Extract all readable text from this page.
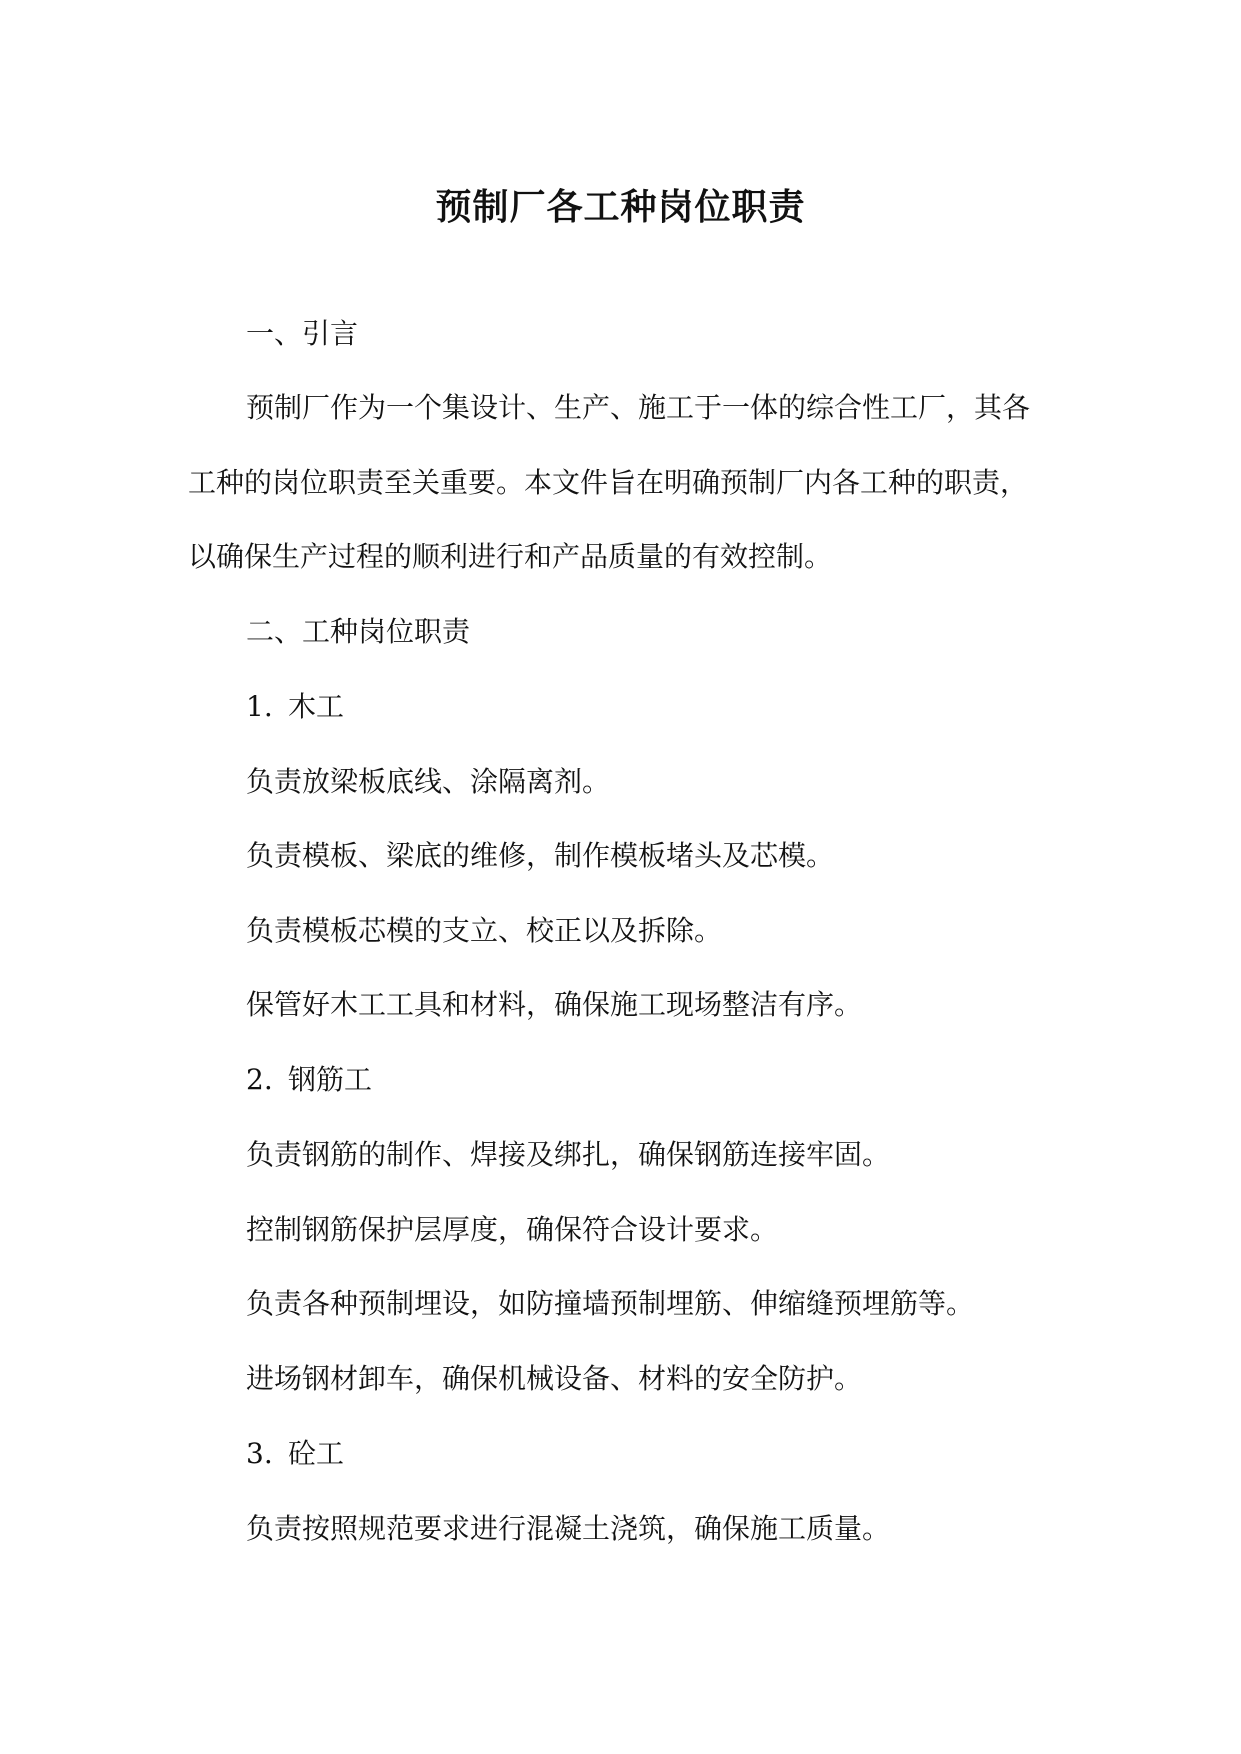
预制厂各工种岗位职责

一、引言

预制厂作为一个集设计、生产、施工于一体的综合性工厂，其各

工种的岗位职责至关重要。本文件旨在明确预制厂内各工种的职责，

以确保生产过程的顺利进行和产品质量的有效控制。

二、工种岗位职责

1. 木工

负责放梁板底线、涂隔离剂。

负责模板、梁底的维修，制作模板堵头及芯模。

负责模板芯模的支立、校正以及拆除。

保管好木工工具和材料，确保施工现场整洁有序。

2. 钢筋工

负责钢筋的制作、焊接及绑扎，确保钢筋连接牢固。

控制钢筋保护层厚度，确保符合设计要求。

负责各种预制埋设，如防撞墙预制埋筋、伸缩缝预埋筋等。

进场钢材卸车，确保机械设备、材料的安全防护。

3. 砼工

负责按照规范要求进行混凝土浇筑，确保施工质量。
